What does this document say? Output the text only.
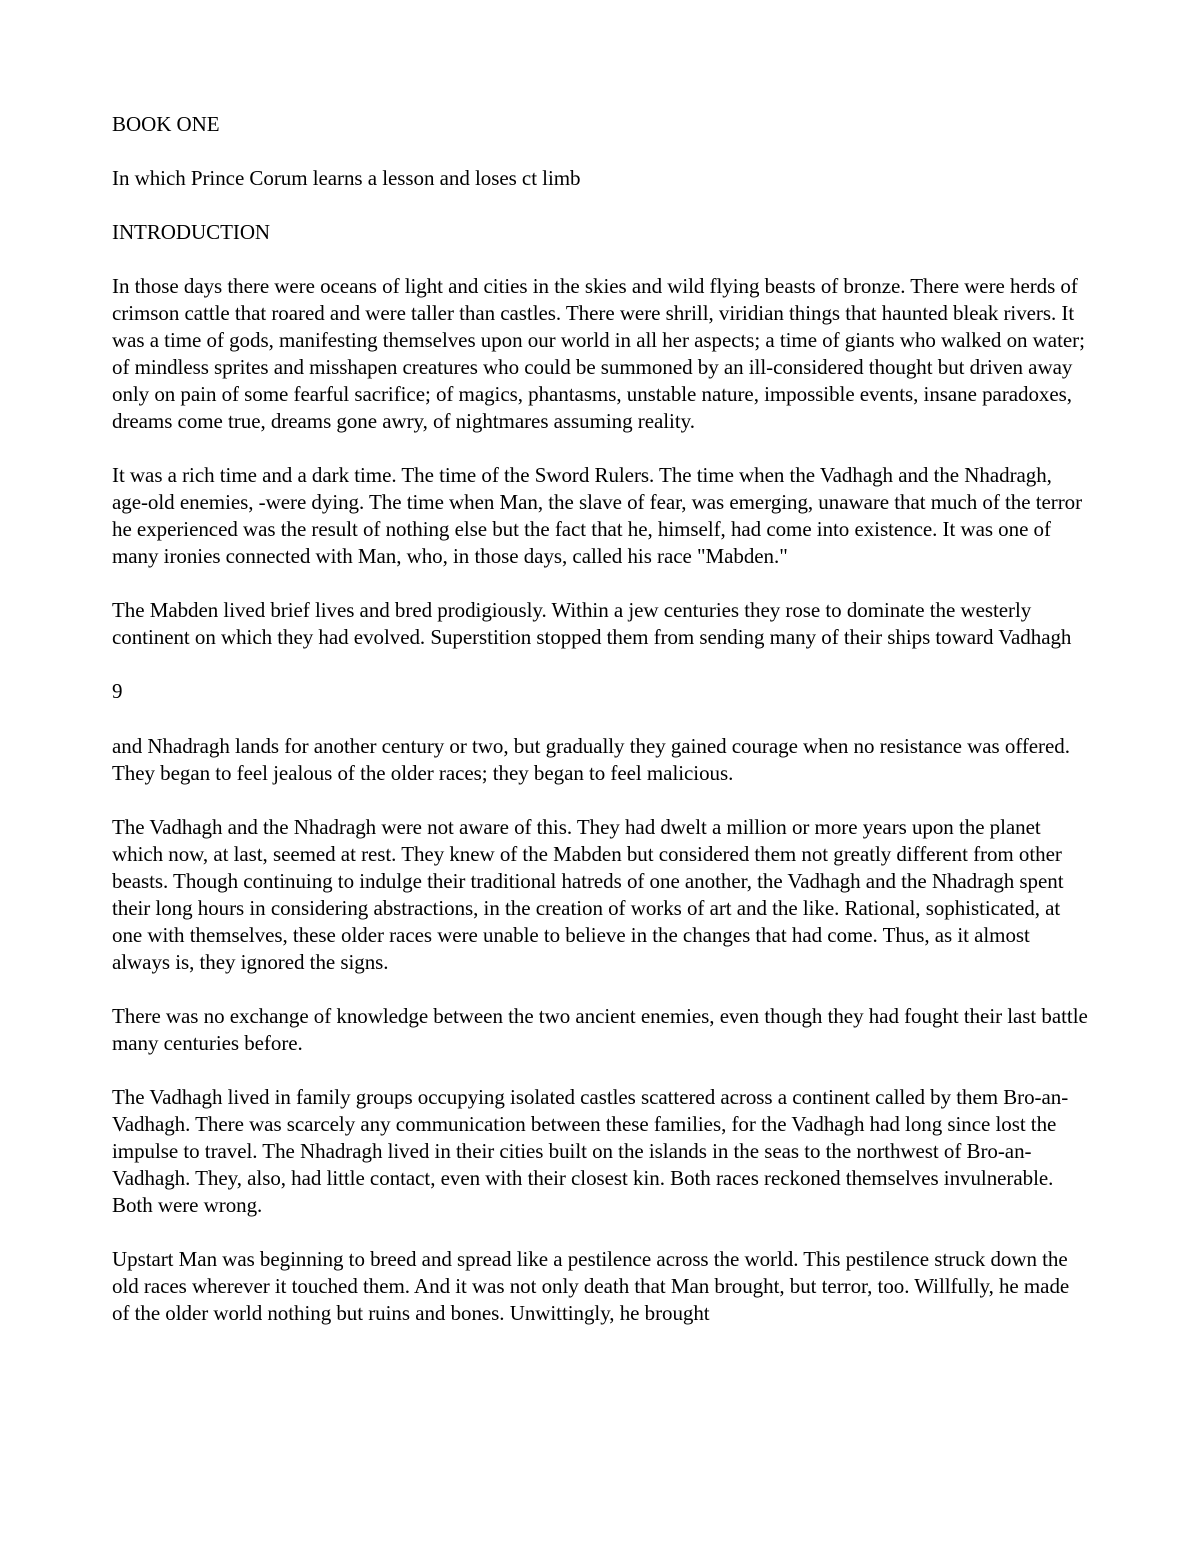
BOOK ONE

In which Prince Corum learns a lesson and loses ct limb

INTRODUCTION

In those days there were oceans of light and cities in the skies and wild flying beasts of bronze. There were herds of crimson cattle that roared and were taller than castles. There were shrill, viridian things that haunted bleak rivers. It was a time of gods, manifesting themselves upon our world in all her aspects; a time of giants who walked on water; of mindless sprites and misshapen creatures who could be summoned by an ill-considered thought but driven away only on pain of some fearful sacrifice; of magics, phantasms, unstable nature, impossible events, insane paradoxes, dreams come true, dreams gone awry, of nightmares assuming reality.

It was a rich time and a dark time. The time of the Sword Rulers. The time when the Vadhagh and the Nhadragh, age-old enemies, -were dying. The time when Man, the slave of fear, was emerging, unaware that much of the terror he experienced was the result of nothing else but the fact that he, himself, had come into existence. It was one of many ironies connected with Man, who, in those days, called his race "Mabden."

The Mabden lived brief lives and bred prodigiously. Within a jew centuries they rose to dominate the westerly continent on which they had evolved. Superstition stopped them from sending many of their ships toward Vadhagh

9

and Nhadragh lands for another century or two, but gradually they gained courage when no resistance was offered. They began to feel jealous of the older races; they began to feel malicious.

The Vadhagh and the Nhadragh were not aware of this. They had dwelt a million or more years upon the planet which now, at last, seemed at rest. They knew of the Mabden but considered them not greatly different from other beasts. Though continuing to indulge their traditional hatreds of one another, the Vadhagh and the Nhadragh spent their long hours in considering abstractions, in the creation of works of art and the like. Rational, sophisticated, at one with themselves, these older races were unable to believe in the changes that had come. Thus, as it almost always is, they ignored the signs.

There was no exchange of knowledge between the two ancient enemies, even though they had fought their last battle many centuries before.

The Vadhagh lived in family groups occupying isolated castles scattered across a continent called by them Bro-an-Vadhagh. There was scarcely any communication between these families, for the Vadhagh had long since lost the impulse to travel. The Nhadragh lived in their cities built on the islands in the seas to the northwest of Bro-an-Vadhagh. They, also, had little contact, even with their closest kin. Both races reckoned themselves invulnerable. Both were wrong.

Upstart Man was beginning to breed and spread like a pestilence across the world. This pestilence struck down the old races wherever it touched them. And it was not only death that Man brought, but terror, too. Willfully, he made of the older world nothing but ruins and bones. Unwittingly, he brought
